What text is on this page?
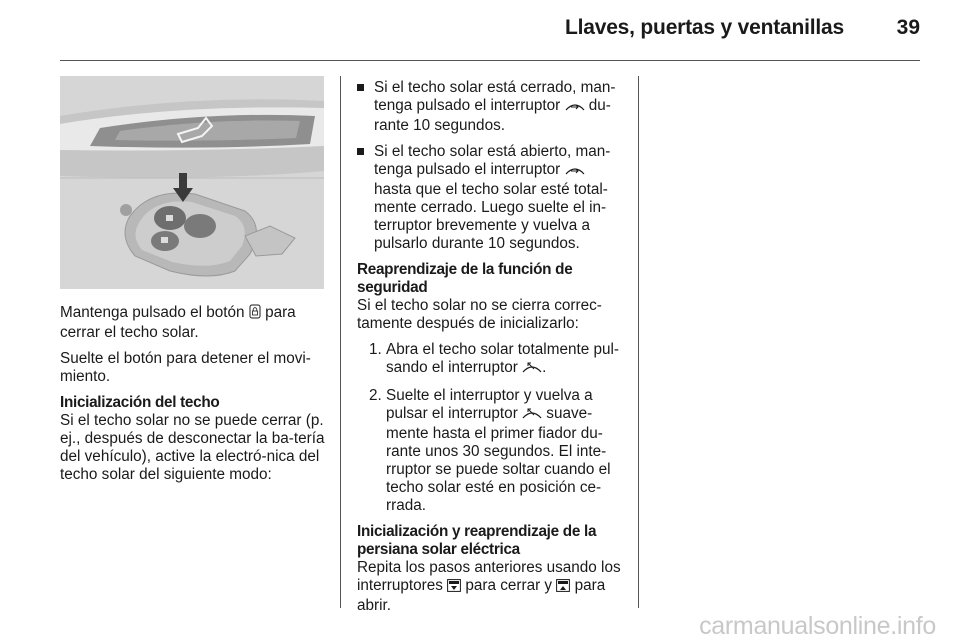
Llaves, puertas y ventanillas	39

Mantenga pulsado el botón para cerrar el techo solar.

Suelte el botón para detener el movi-miento.

Inicialización del techo

Si el techo solar no se puede cerrar (p. ej., después de desconectar la ba-tería del vehículo), active la electró-nica del techo solar del siguiente modo:

Si el techo solar está cerrado, man-tenga pulsado el interruptor du-rante 10 segundos.
Si el techo solar está abierto, man-tenga pulsado el interruptor  hasta que el techo solar esté total-mente cerrado. Luego suelte el in-terruptor brevemente y vuelva a pulsarlo durante 10 segundos.
Reaprendizaje de la función de seguridad

Si el techo solar no se cierra correc-tamente después de inicializarlo:

1. Abra el techo solar totalmente pul-sando el interruptor .
2. Suelte el interruptor y vuelva a pulsar el interruptor suave-mente hasta el primer fiador du-rante unos 30 segundos. El inte-rruptor se puede soltar cuando el techo solar esté en posición ce-rrada.
Inicialización y reaprendizaje de la persiana solar eléctrica

Repita los pasos anteriores usando los interruptores para cerrar y para abrir.

carmanualsonline.info
